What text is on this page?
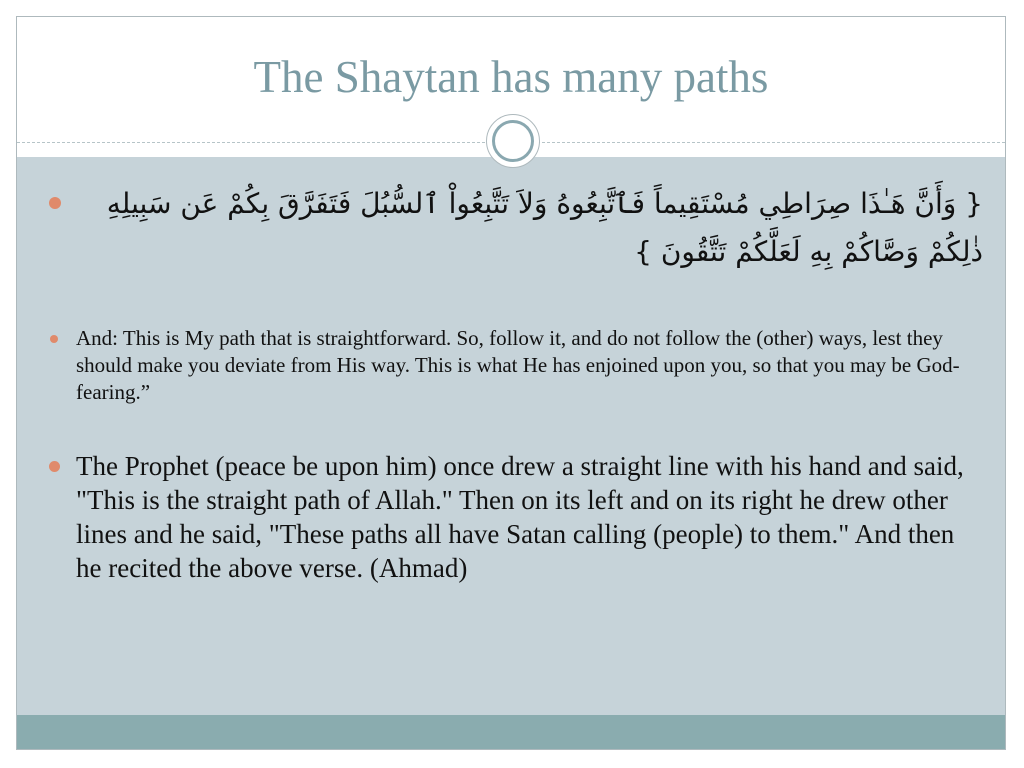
The Shaytan has many paths

{ وَأَنَّ هَـٰذَا صِرَاطِي مُسْتَقِيماً فَٱتَّبِعُوهُ وَلاَ تَتَّبِعُواْ ٱلسُّبُلَ فَتَفَرَّقَ بِكُمْ عَن سَبِيلِهِ ذٰلِكُمْ وَصَّاكُمْ بِهِ لَعَلَّكُمْ تَتَّقُونَ }

And: This is My path that is straightforward. So, follow it, and do not follow the (other) ways, lest they should make you deviate from His way. This is what He has enjoined upon you, so that you may be God-fearing.”

The Prophet (peace be upon him) once drew a straight line with his hand and said, "This is the straight path of Allah." Then on its left and on its right he drew other lines and he said, "These paths all have Satan calling (people) to them." And then he recited the above verse. (Ahmad)
